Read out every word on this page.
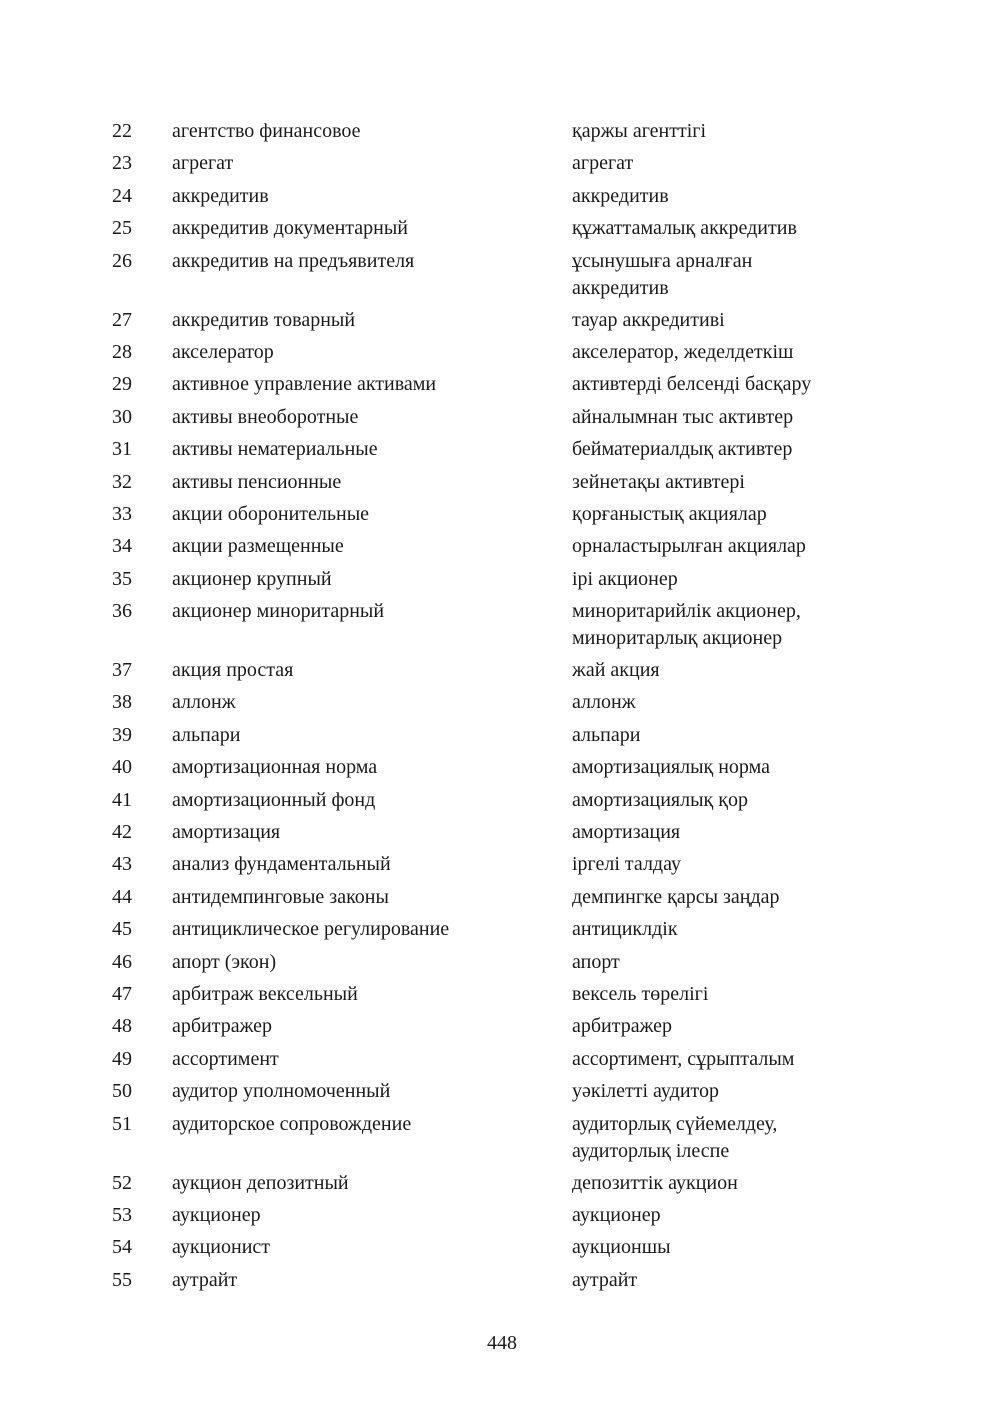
22 агентство финансовое	қаржы агенттігі
23 агрегат	агрегат
24 аккредитив	аккредитив
25 аккредитив документарный	құжаттамалық аккредитив
26 аккредитив на предъявителя	ұсынушыға арналған
аккредитив
27 аккредитив товарный	тауар аккредитиві
28 акселератор	акселератор, жеделдеткіш
29 активное управление активами	активтерді белсенді басқару
30 активы внеоборотные	айналымнан тыс активтер
31 активы нематериальные	бейматериалдық активтер
32 активы пенсионные	зейнетақы активтері
33 акции оборонительные	қорғаныстық акциялар
34 акции размещенные	орналастырылған акциялар
35 акционер крупный	ірі акционер
36 акционер миноритарный	миноритарийлік акционер,
миноритарлық акционер
37 акция простая	жай акция
38 аллонж	аллонж
39 альпари	альпари
40 амортизационная норма	амортизациялық норма
41 амортизационный фонд	амортизациялық қор
42 амортизация	амортизация
43 анализ фундаментальный	іргелі талдау
44 антидемпинговые законы	демпингке қарсы заңдар
45 антициклическое регулирование	антициклдік
46 апорт (экон)	апорт
47 арбитраж вексельный	вексель төрелігі
48 арбитражер	арбитражер
49 ассортимент	ассортимент, сұрыпталым
50 аудитор уполномоченный	уәкілетті аудитор
51 аудиторское сопровождение	аудиторлық сүйемелдеу,
аудиторлық ілеспе
52 аукцион депозитный	депозиттік аукцион
53 аукционер	аукционер
54 аукционист	аукционшы
55 аутрайт	аутрайт
448
